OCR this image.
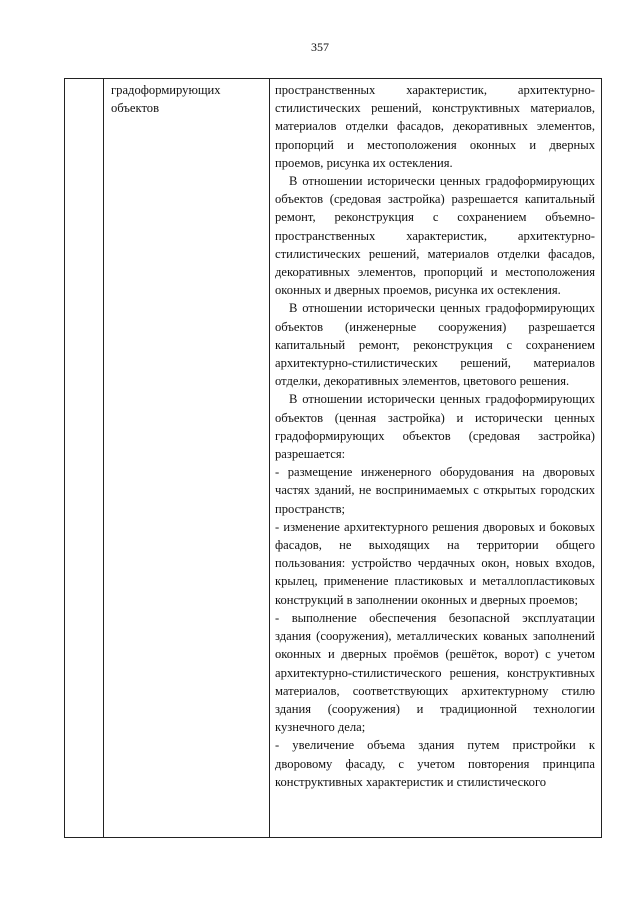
357
градоформирующих объектов

пространственных характеристик, архитектурно-стилистических решений, конструктивных материалов, материалов отделки фасадов, декоративных элементов, пропорций и местоположения оконных и дверных проемов, рисунка их остекления.

В отношении исторически ценных градоформирующих объектов (средовая застройка) разрешается капитальный ремонт, реконструкция с сохранением объемно-пространственных характеристик, архитектурно-стилистических решений, материалов отделки фасадов, декоративных элементов, пропорций и местоположения оконных и дверных проемов, рисунка их остекления.

В отношении исторически ценных градоформирующих объектов (инженерные сооружения) разрешается капитальный ремонт, реконструкция с сохранением архитектурно-стилистических решений, материалов отделки, декоративных элементов, цветового решения.

В отношении исторически ценных градоформирующих объектов (ценная застройка) и исторически ценных градоформирующих объектов (средовая застройка) разрешается:

- размещение инженерного оборудования на дворовых частях зданий, не воспринимаемых с открытых городских пространств;

- изменение архитектурного решения дворовых и боковых фасадов, не выходящих на территории общего пользования: устройство чердачных окон, новых входов, крылец, применение пластиковых и металлопластиковых конструкций в заполнении оконных и дверных проемов;

- выполнение обеспечения безопасной эксплуатации здания (сооружения), металлических кованых заполнений оконных и дверных проёмов (решёток, ворот) с учетом архитектурно-стилистического решения, конструктивных материалов, соответствующих архитектурному стилю здания (сооружения) и традиционной технологии кузнечного дела;

- увеличение объема здания путем пристройки к дворовому фасаду, с учетом повторения принципа конструктивных характеристик и стилистического
